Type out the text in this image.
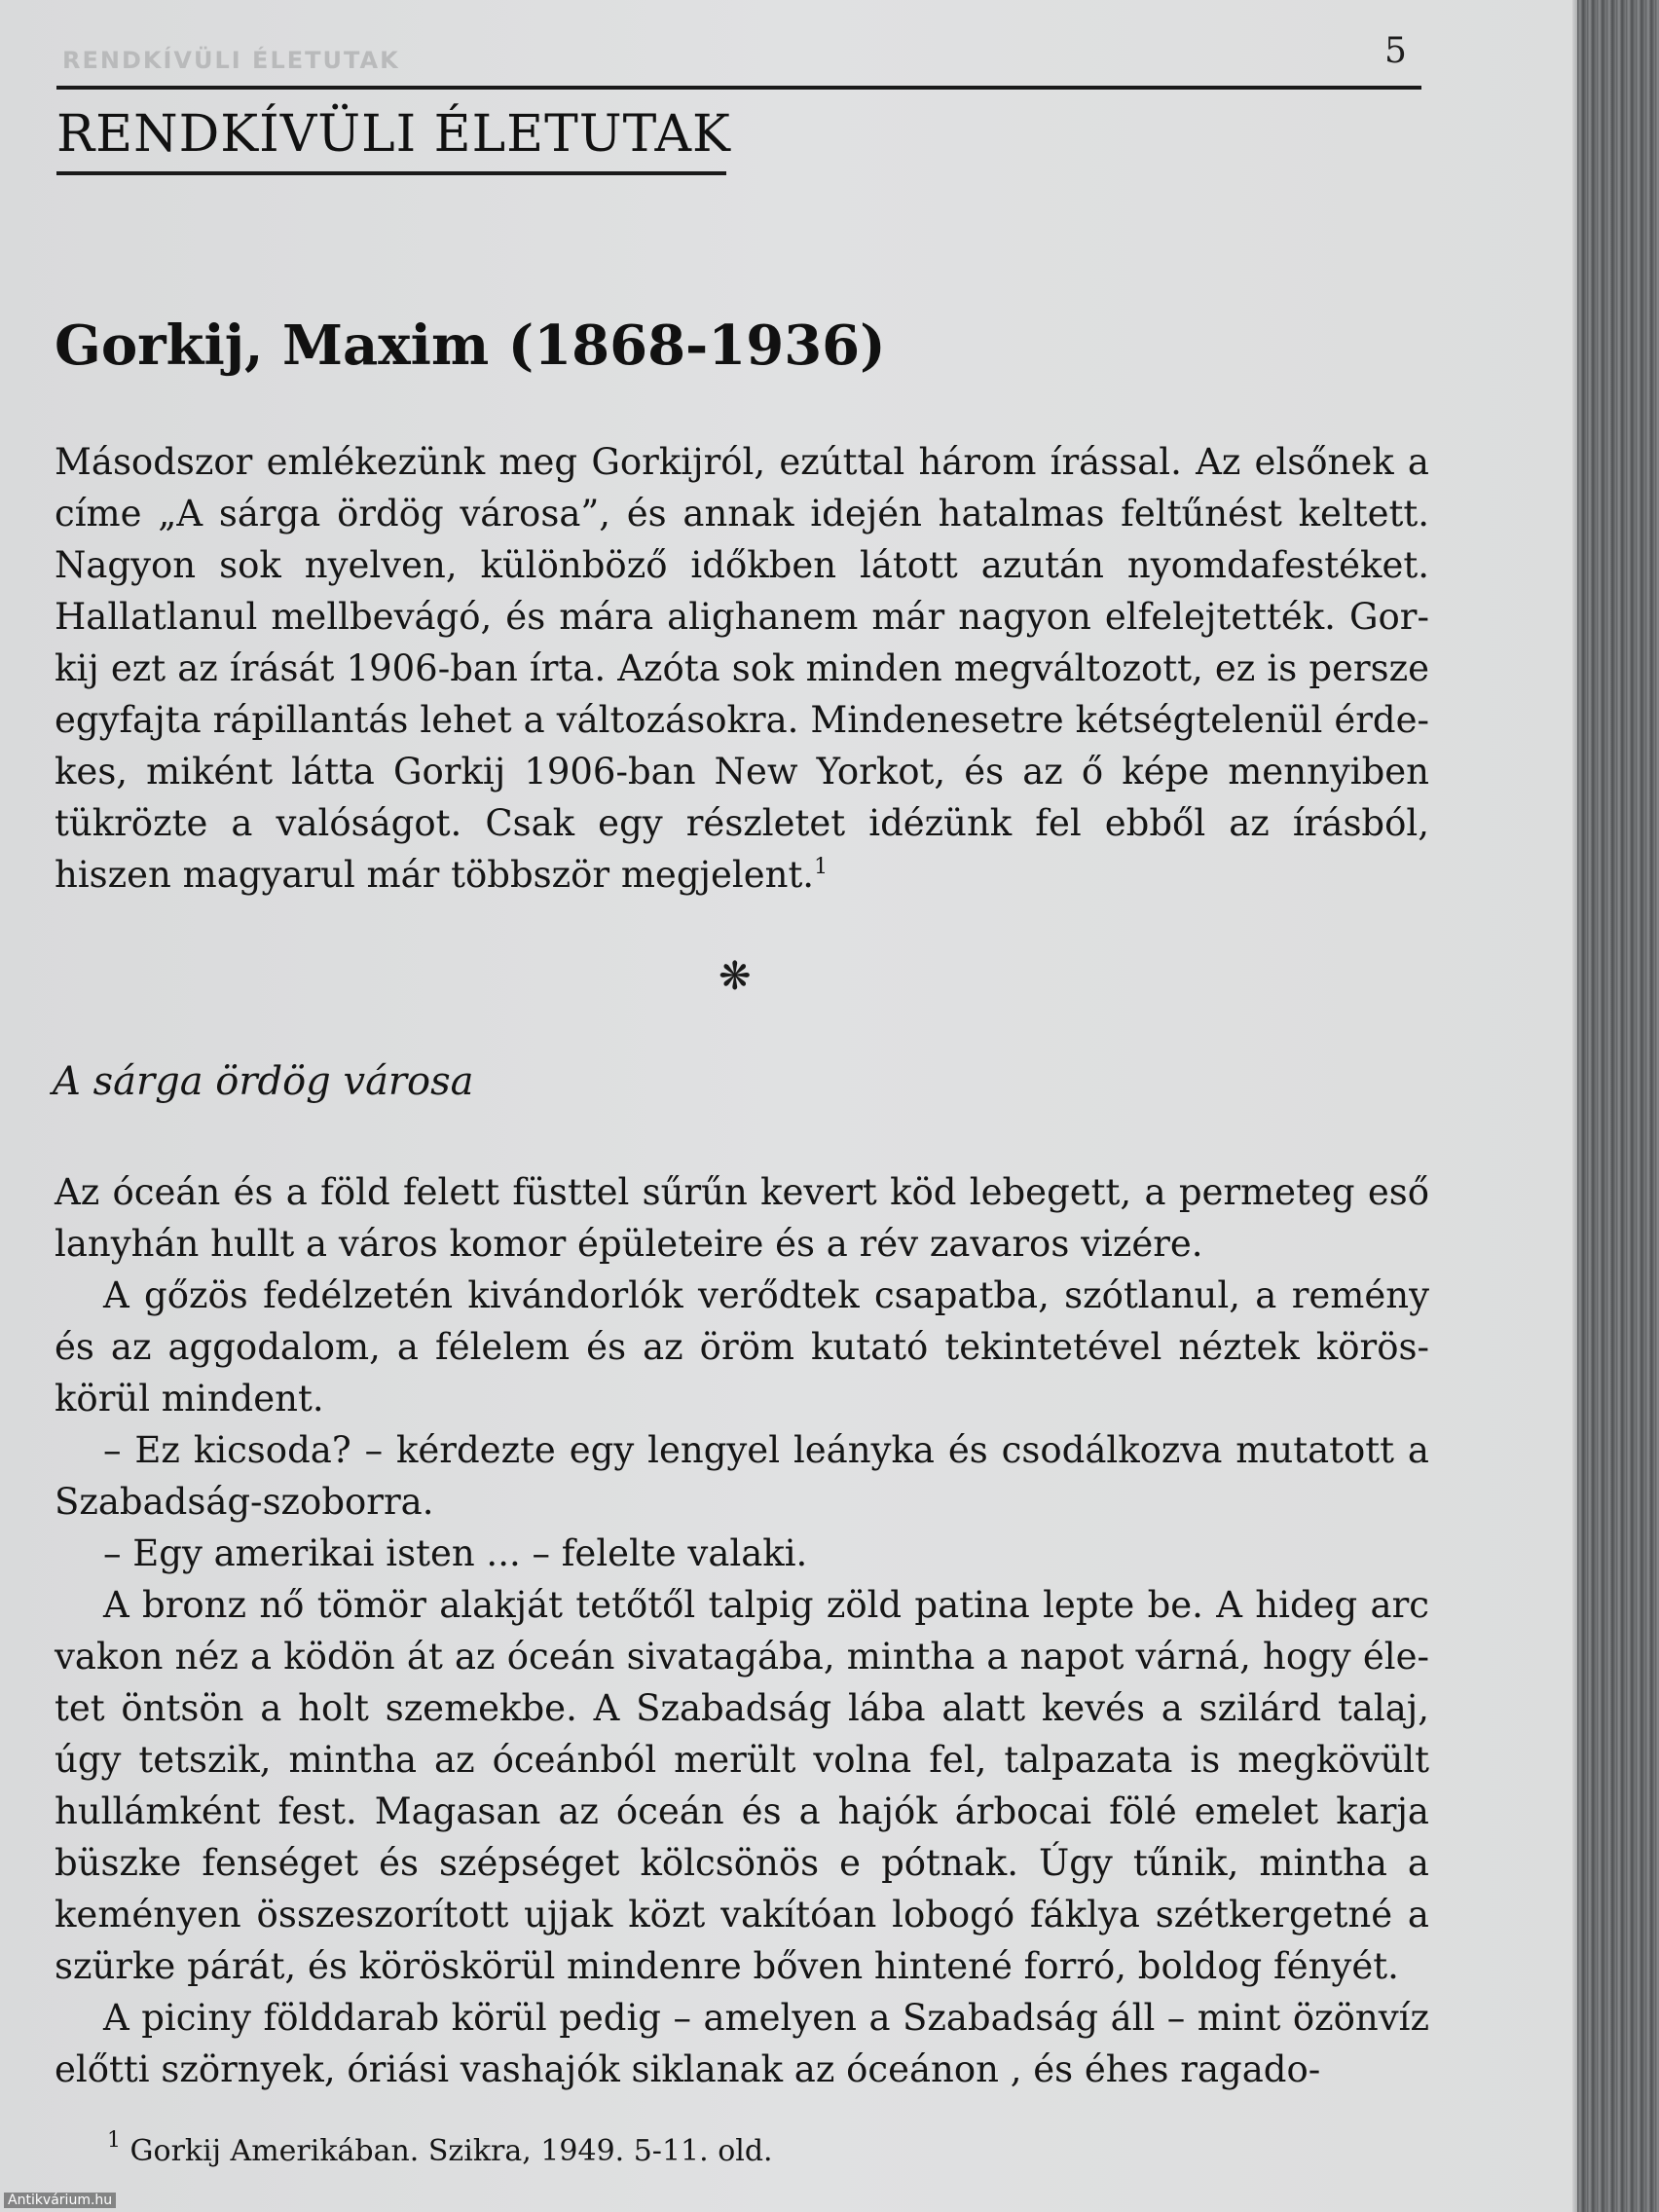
RENDKÍVÜLI ÉLETUTAK	5
RENDKÍVÜLI ÉLETUTAK
Gorkij, Maxim (1868-1936)

Másodszor emlékezünk meg Gorkijról, ezúttal három írással. Az elsőnek a címe „A sárga ördög városa”, és annak idején hatalmas feltűnést keltett. Nagyon sok nyelven, különböző időkben látott azután nyomdafestéket. Hallatlanul mellbevágó, és mára alighanem már nagyon elfelejtették. Gorkij ezt az írását 1906-ban írta. Azóta sok minden megváltozott, ez is persze egyfajta rápillantás lehet a változásokra. Mindenesetre kétségtelenül érdekes, miként látta Gorkij 1906-ban New Yorkot, és az ő képe mennyiben tükrözte a valóságot. Csak egy részletet idézünk fel ebből az írásból, hiszen magyarul már többször megjelent.$^1$

❋
A sárga ördög városa

Az óceán és a föld felett füsttel sűrűn kevert köd lebegett, a permeteg eső lanyhán hullt a város komor épületeire és a rév zavaros vizére.

A gőzös fedélzetén kivándorlók verődtek csapatba, szótlanul, a remény és az aggodalom, a félelem és az öröm kutató tekintetével néztek köröskörül mindent.

– Ez kicsoda? – kérdezte egy lengyel leányka és csodálkozva mutatott a Szabadság-szoborra.

– Egy amerikai isten ... – felelte valaki.

A bronz nő tömör alakját tetőtől talpig zöld patina lepte be. A hideg arc vakon néz a ködön át az óceán sivatagába, mintha a napot várná, hogy életet öntsön a holt szemekbe. A Szabadság lába alatt kevés a szilárd talaj, úgy tetszik, mintha az óceánból merült volna fel, talpazata is megkövült hullámként fest. Magasan az óceán és a hajók árbocai fölé emelet karja büszke fenséget és szépséget kölcsönös e pótnak. Úgy tűnik, mintha a keményen összeszorított ujjak közt vakítóan lobogó fáklya szétkergetné a szürke párát, és köröskörül mindenre bőven hintené forró, boldog fényét.

A piciny földdarab körül pedig – amelyen a Szabadság áll – mint özönvíz előtti szörnyek, óriási vashajók siklanak az óceánon , és éhes ragado-

$^1$ Gorkij Amerikában. Szikra, 1949. 5-11. old.
Antikvárium.hu
